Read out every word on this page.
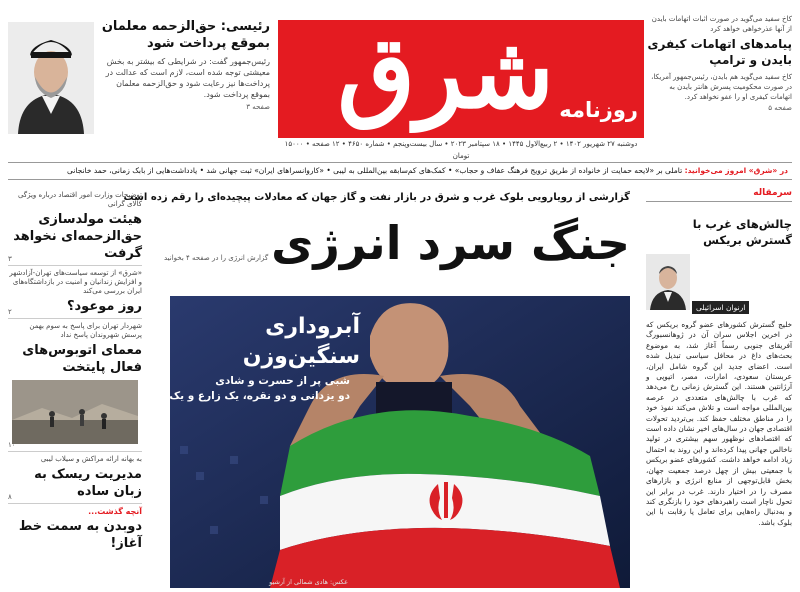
رئیسی: حق‌الزحمه معلمان بموقع پرداخت شود
رئیس‌جمهور گفت: در شرایطی که بیشتر به بخش معیشتی توجه شده است، لازم است که عدالت در پرداخت‌ها نیز رعایت شود و حق‌الزحمه معلمان بموقع پرداخت شود.
صفحه ۳ شرق روزنامه
دوشنبه ۲۷ شهریور ۱۴۰۲ • ۲ ربیع‌الاول ۱۴۴۵ • ۱۸ سپتامبر ۲۰۲۳ • سال بیست‌وپنجم • شماره ۴۶۵۰ • ۱۲ صفحه • ۱۵۰۰۰ تومان
کاخ سفید می‌گوید در صورت اثبات اتهامات بایدن از آنها عذرخواهی خواهد کرد
پیامدهای اتهامات کیفری بایدن و ترامپ
کاخ سفید می‌گوید هم بایدن، رئیس‌جمهور آمریکا، در صورت محکومیت پسرش هانتر بایدن به اتهامات کیفری او را عفو نخواهد کرد.
صفحه ۵
در «شرق» امروز می‌خوانید: تاملی بر «لایحه حمایت از خانواده از طریق ترویج فرهنگ عفاف و حجاب» • کمک‌های کم‌سابقه بین‌المللی به لیبی • «کاروانسراهای ایران» ثبت جهانی شد • یادداشت‌هایی از بابک زمانی، حمد خانجانی
توضیحات وزارت امور اقتصاد درباره ویژگی کالای گرانی
هیئت مولدسازی حق‌الزحمه‌ای نخواهد گرفت
۳
«شرق» از توسعه سیاست‌های تهران-آزادشهر و افزایش زندانیان و امنیت در بازداشتگاه‌های ایران بررسی می‌کند
روز موعود؟
۲
شهردار تهران برای پاسخ به سوم بهمن پرسش شهروندان پاسخ نداد
معمای اتوبوس‌های فعال پایتخت
۱۰
به بهانه ارائه مراکش و سیلاب لیبی
مدیریت ریسک به زبان ساده
۸
آنچه گذشت...
دوبدن به سمت خط آغاز!
گزارشی از رویارویی بلوک غرب و شرق در بازار نفت و گاز جهان که معادلات پیچیده‌ای را رقم زده است
جنگ سرد انرژی
گزارش انرژی را در صفحه ۴ بخوانید
آبروداری
سنگین‌وزن
شبی پر از حسرت و شادی
دو یزدانی و دو نقره، یک زارع و یک طلا
عکس: هادی شمالی از آرشیو
سرمقاله
چالش‌های غرب با گسترش بریکس
ارنوان اسرائیلی
خلیج گسترش کشورهای عضو گروه بریکس که در اخرین اجلاس سران آن در ژوهانسبورگ آفریقای جنوبی رسماً آغاز شد، به موضوع بحث‌های داغ در محافل سیاسی تبدیل شده است. اعضای جدید این گروه شامل ایران، عربستان سعودی، امارات، مصر، اتیوپی و آرژانتین هستند. این گسترش زمانی رخ می‌دهد که غرب با چالش‌های متعددی در عرصه بین‌المللی مواجه است و تلاش می‌کند نفوذ خود را در مناطق مختلف حفظ کند. بی‌تردید تحولات اقتصادی جهان در سال‌های اخیر نشان داده است که اقتصادهای نوظهور سهم بیشتری در تولید ناخالص جهانی پیدا کرده‌اند و این روند به احتمال زیاد ادامه خواهد داشت. کشورهای عضو بریکس با جمعیتی بیش از چهل درصد جمعیت جهان، بخش قابل‌توجهی از منابع انرژی و بازارهای مصرف را در اختیار دارند. غرب در برابر این تحول ناچار است راهبردهای خود را بازنگری کند و به‌دنبال راه‌هایی برای تعامل یا رقابت با این بلوک باشد.
